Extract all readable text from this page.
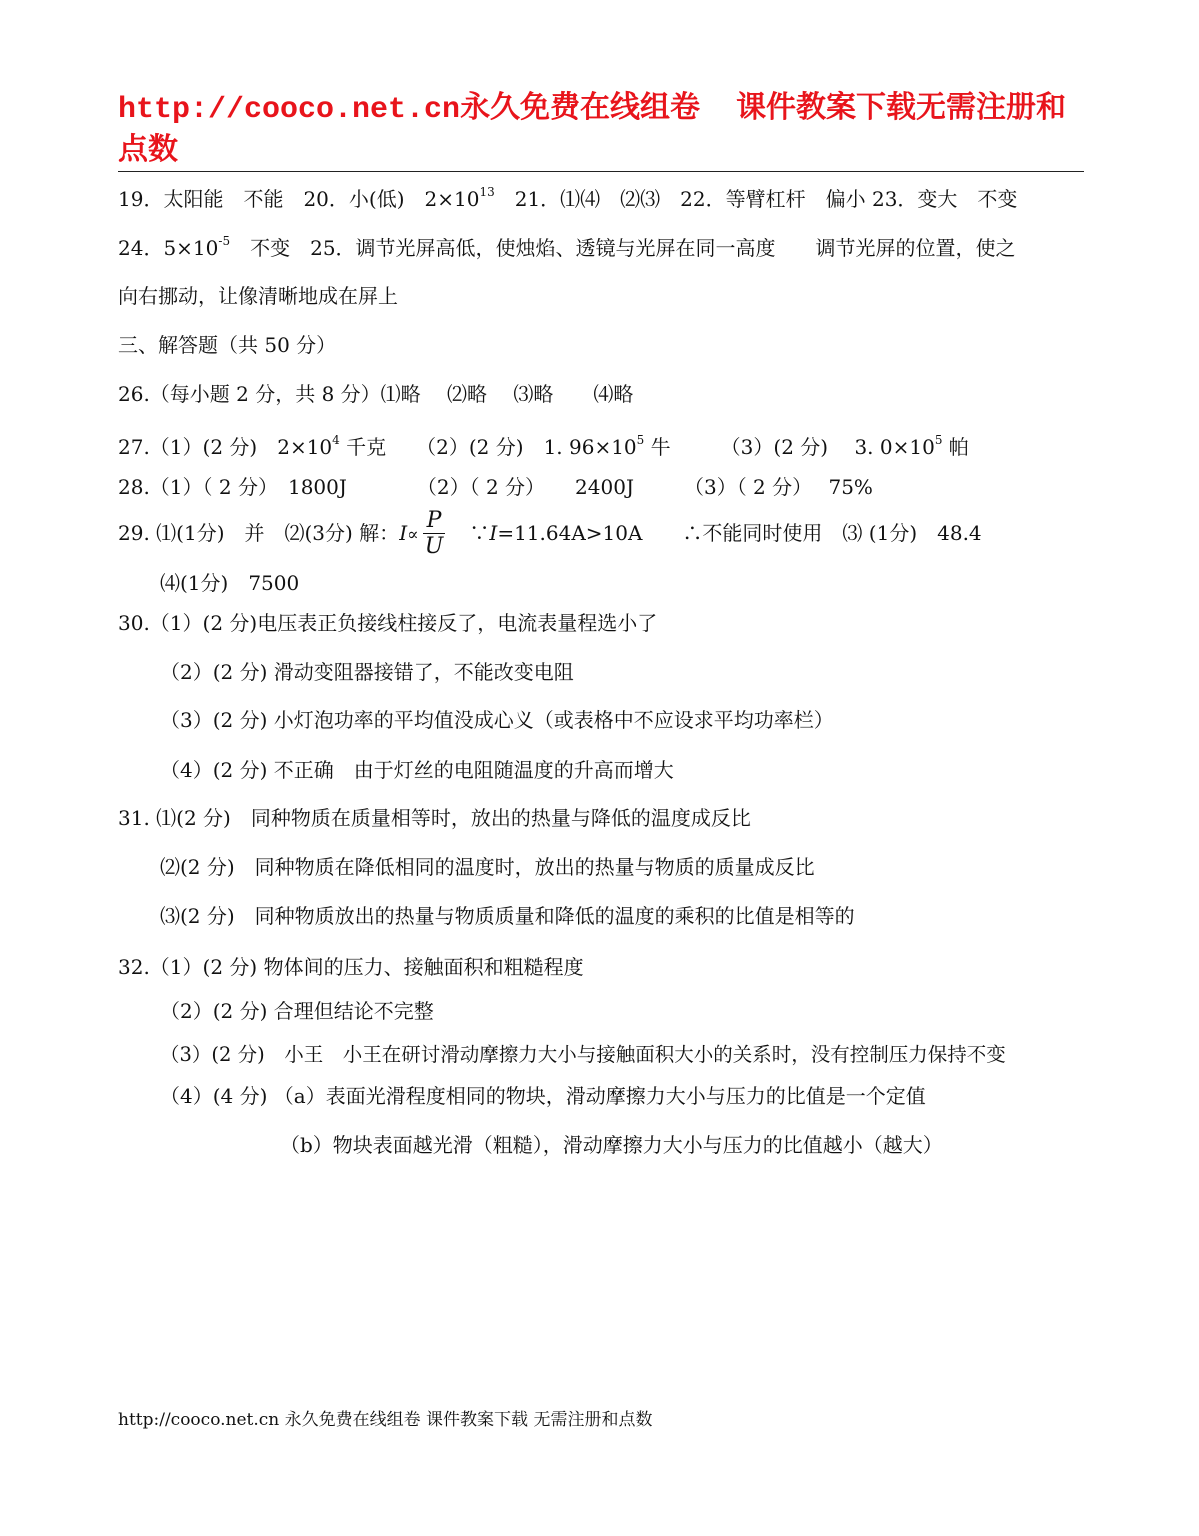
http://cooco.net.cn永久免费在线组卷 课件教案下载无需注册和点数
19．太阳能　不能　20．小(低)　$2\times 10^{13}$　21．⑴⑷　⑵⑶　22．等臂杠杆　偏小 23．变大　不变
24．$5\times 10^{-5}$　不变　25．调节光屏高低，使烛焰、透镜与光屏在同一高度　　调节光屏的位置，使之
向右挪动，让像清晰地成在屏上
三、解答题（共 50 分）
26.（每小题 2 分，共 8 分）⑴略　 ⑵略　 ⑶略　　⑷略
27.（1）(2 分)　$2\times 10^4$ 千克　　（2）(2 分)　1. $96\times 10^5$ 牛　　　（3）(2 分)　 3. $0\times 10^5$ 帕
28.（1）（ 2 分）　1800J　　　　（2）（ 2 分）　　2400J　　　（3）（ 2 分）　 75%
29. ⑴(1分)　并　⑵(3分) 解：$I\propto \frac{P}{U}$ 　∵I=11.64A>10A　　∴不能同时使用　⑶ (1分)　48.4
⑷(1分)　7500
30.（1）(2 分)电压表正负接线柱接反了，电流表量程选小了
（2）(2 分) 滑动变阻器接错了，不能改变电阻
（3）(2 分) 小灯泡功率的平均值没成心义（或表格中不应设求平均功率栏）
（4）(2 分) 不正确　由于灯丝的电阻随温度的升高而增大
31. ⑴(2 分)　同种物质在质量相等时，放出的热量与降低的温度成反比
⑵(2 分)　同种物质在降低相同的温度时，放出的热量与物质的质量成反比
⑶(2 分)　同种物质放出的热量与物质质量和降低的温度的乘积的比值是相等的
32.（1）(2 分) 物体间的压力、接触面积和粗糙程度
（2）(2 分) 合理但结论不完整
（3）(2 分)　小王　小王在研讨滑动摩擦力大小与接触面积大小的关系时，没有控制压力保持不变
（4）(4 分) （a）表面光滑程度相同的物块，滑动摩擦力大小与压力的比值是一个定值
（b）物块表面越光滑（粗糙），滑动摩擦力大小与压力的比值越小（越大）
http://cooco.net.cn 永久免费在线组卷 课件教案下载 无需注册和点数
